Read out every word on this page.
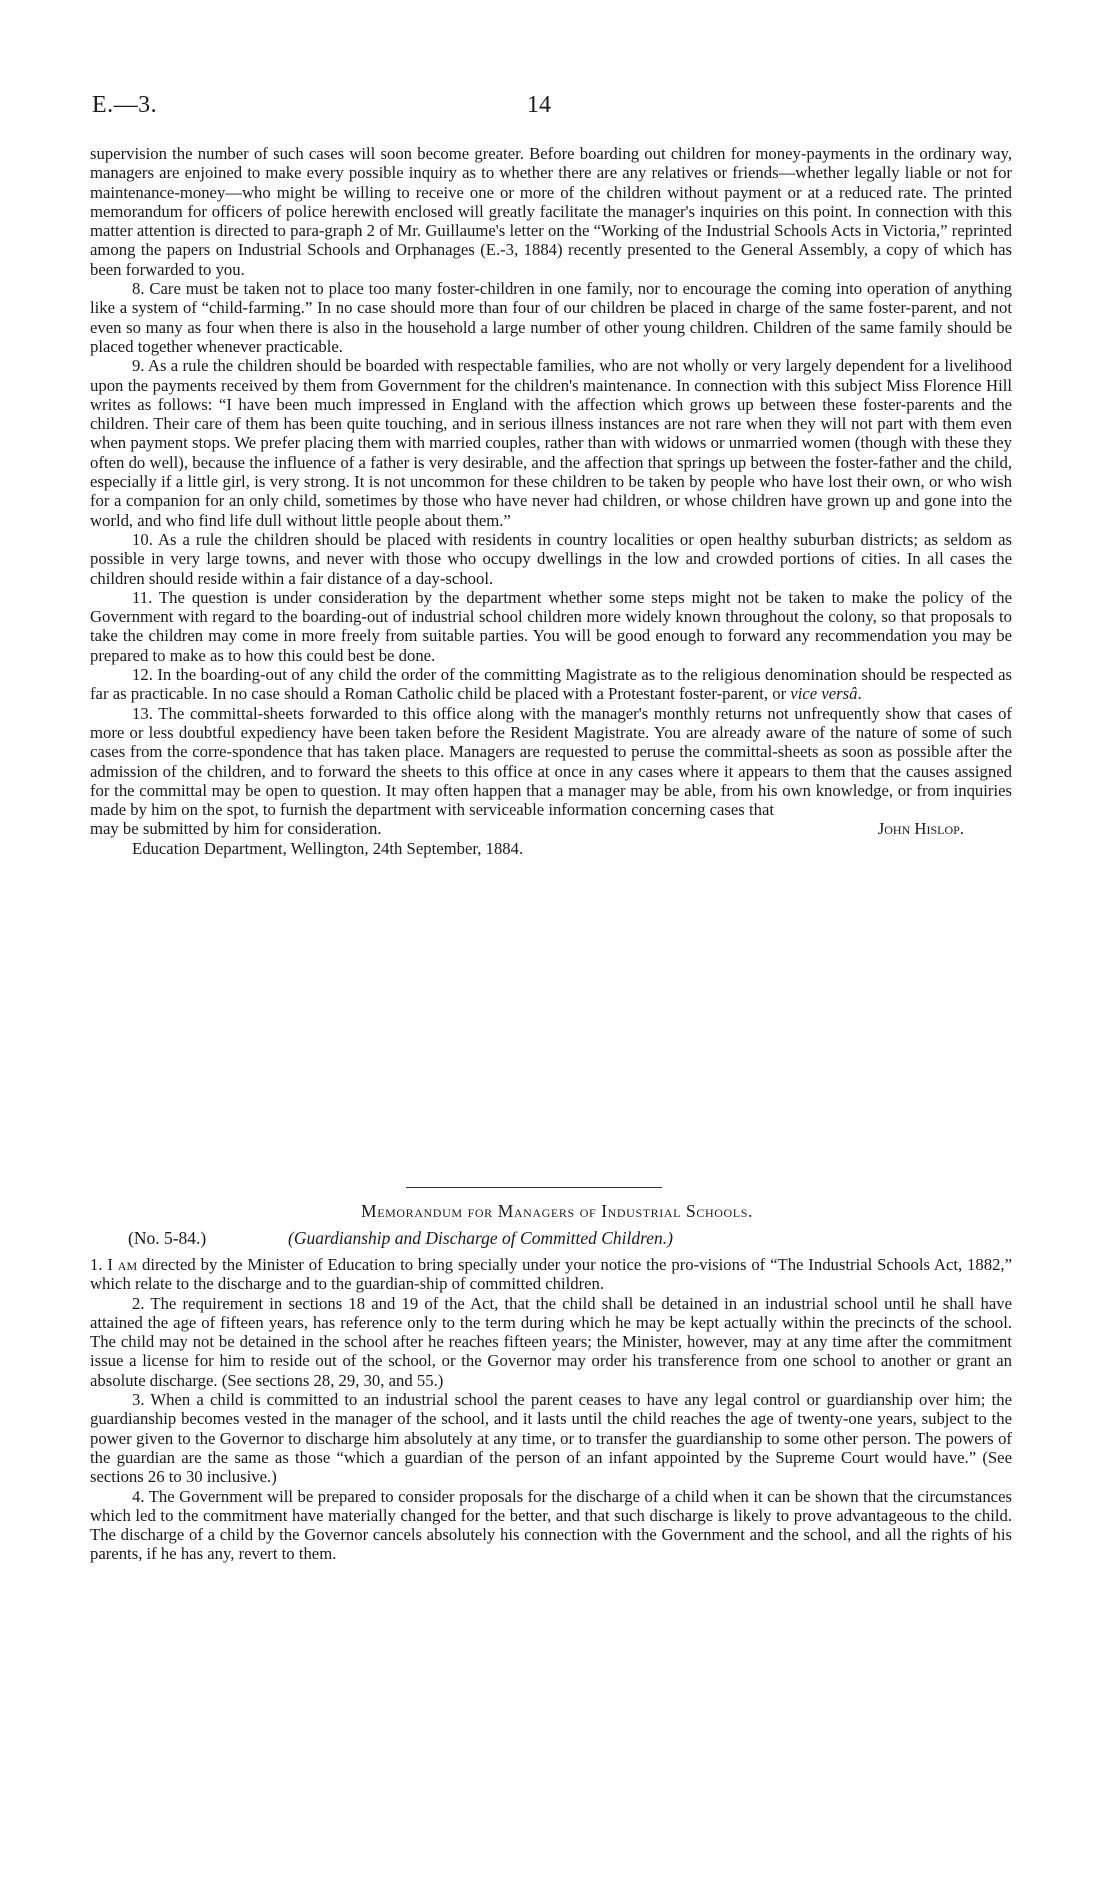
E.—3.	14

supervision the number of such cases will soon become greater. Before boarding out children for money-payments in the ordinary way, managers are enjoined to make every possible inquiry as to whether there are any relatives or friends—whether legally liable or not for maintenance-money—who might be willing to receive one or more of the children without payment or at a reduced rate. The printed memorandum for officers of police herewith enclosed will greatly facilitate the manager's inquiries on this point. In connection with this matter attention is directed to para-graph 2 of Mr. Guillaume's letter on the “Working of the Industrial Schools Acts in Victoria,” reprinted among the papers on Industrial Schools and Orphanages (E.-3, 1884) recently presented to the General Assembly, a copy of which has been forwarded to you.

8. Care must be taken not to place too many foster-children in one family, nor to encourage the coming into operation of anything like a system of “child-farming.” In no case should more than four of our children be placed in charge of the same foster-parent, and not even so many as four when there is also in the household a large number of other young children. Children of the same family should be placed together whenever practicable.

9. As a rule the children should be boarded with respectable families, who are not wholly or very largely dependent for a livelihood upon the payments received by them from Government for the children's maintenance. In connection with this subject Miss Florence Hill writes as follows: “I have been much impressed in England with the affection which grows up between these foster-parents and the children. Their care of them has been quite touching, and in serious illness instances are not rare when they will not part with them even when payment stops. We prefer placing them with married couples, rather than with widows or unmarried women (though with these they often do well), because the influence of a father is very desirable, and the affection that springs up between the foster-father and the child, especially if a little girl, is very strong. It is not uncommon for these children to be taken by people who have lost their own, or who wish for a companion for an only child, sometimes by those who have never had children, or whose children have grown up and gone into the world, and who find life dull without little people about them.”

10. As a rule the children should be placed with residents in country localities or open healthy suburban districts; as seldom as possible in very large towns, and never with those who occupy dwellings in the low and crowded portions of cities. In all cases the children should reside within a fair distance of a day-school.

11. The question is under consideration by the department whether some steps might not be taken to make the policy of the Government with regard to the boarding-out of industrial school children more widely known throughout the colony, so that proposals to take the children may come in more freely from suitable parties. You will be good enough to forward any recommendation you may be prepared to make as to how this could best be done.

12. In the boarding-out of any child the order of the committing Magistrate as to the religious denomination should be respected as far as practicable. In no case should a Roman Catholic child be placed with a Protestant foster-parent, or vice versâ.

13. The committal-sheets forwarded to this office along with the manager's monthly returns not unfrequently show that cases of more or less doubtful expediency have been taken before the Resident Magistrate. You are already aware of the nature of some of such cases from the corre-spondence that has taken place. Managers are requested to peruse the committal-sheets as soon as possible after the admission of the children, and to forward the sheets to this office at once in any cases where it appears to them that the causes assigned for the committal may be open to question. It may often happen that a manager may be able, from his own knowledge, or from inquiries made by him on the spot, to furnish the department with serviceable information concerning cases that

may be submitted by him for consideration.	John Hislop.

Education Department, Wellington, 24th September, 1884.

Memorandum for Managers of Industrial Schools.
(No. 5-84.)	(Guardianship and Discharge of Committed Children.)

1. I am directed by the Minister of Education to bring specially under your notice the pro-visions of “The Industrial Schools Act, 1882,” which relate to the discharge and to the guardian-ship of committed children.

2. The requirement in sections 18 and 19 of the Act, that the child shall be detained in an industrial school until he shall have attained the age of fifteen years, has reference only to the term during which he may be kept actually within the precincts of the school. The child may not be detained in the school after he reaches fifteen years; the Minister, however, may at any time after the commitment issue a license for him to reside out of the school, or the Governor may order his transference from one school to another or grant an absolute discharge. (See sections 28, 29, 30, and 55.)

3. When a child is committed to an industrial school the parent ceases to have any legal control or guardianship over him; the guardianship becomes vested in the manager of the school, and it lasts until the child reaches the age of twenty-one years, subject to the power given to the Governor to discharge him absolutely at any time, or to transfer the guardianship to some other person. The powers of the guardian are the same as those “which a guardian of the person of an infant appointed by the Supreme Court would have.” (See sections 26 to 30 inclusive.)

4. The Government will be prepared to consider proposals for the discharge of a child when it can be shown that the circumstances which led to the commitment have materially changed for the better, and that such discharge is likely to prove advantageous to the child. The discharge of a child by the Governor cancels absolutely his connection with the Government and the school, and all the rights of his parents, if he has any, revert to them.
